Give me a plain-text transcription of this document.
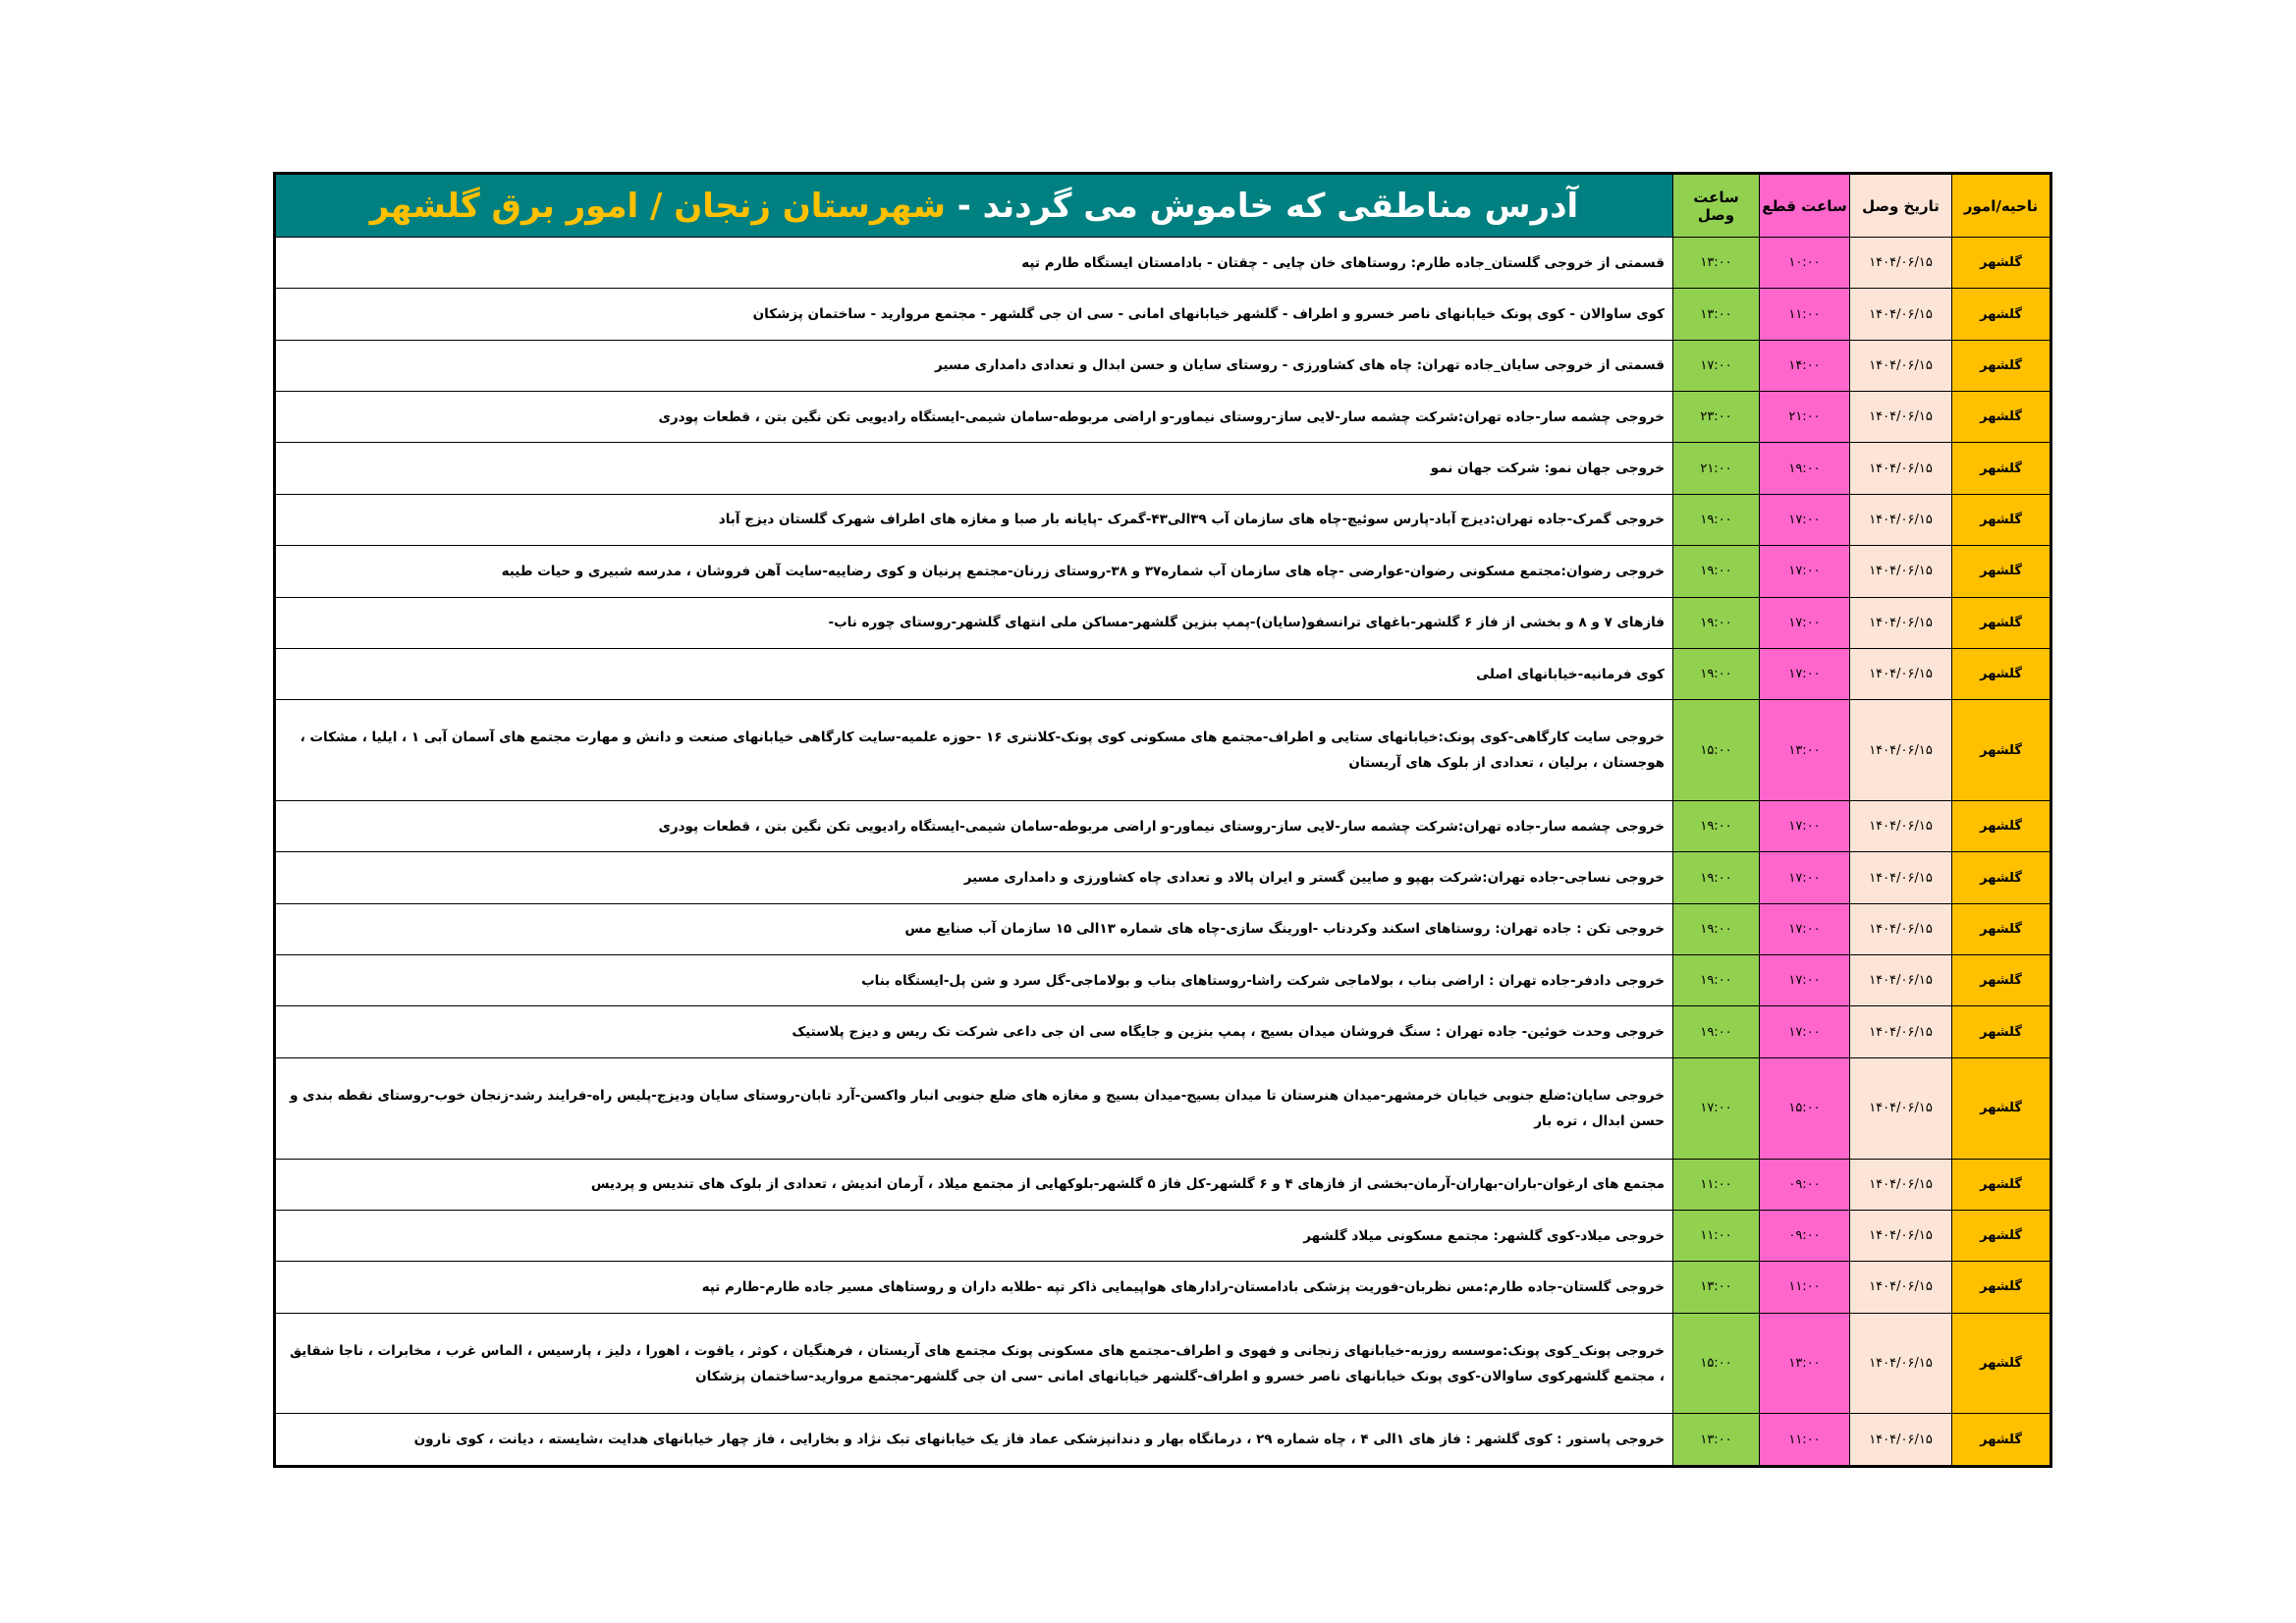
ناحیه/امور	تاریخ وصل	ساعت قطع	ساعت وصل	آدرس مناطقی که خاموش می گردند - شهرستان زنجان / امور برق گلشهر
گلشهر	۱۴۰۴/۰۶/۱۵	۱۰:۰۰	۱۳:۰۰	قسمتی از خروجی گلستان_جاده طارم: روستاهای خان چایی - چقتان - بادامستان ایستگاه طارم تپه
گلشهر	۱۴۰۴/۰۶/۱۵	۱۱:۰۰	۱۳:۰۰	کوی ساوالان - کوی پونک خیابانهای ناصر خسرو و اطراف - گلشهر خیابانهای امانی - سی ان جی گلشهر - مجتمع مروارید - ساختمان پزشکان
گلشهر	۱۴۰۴/۰۶/۱۵	۱۴:۰۰	۱۷:۰۰	قسمتی از خروجی سایان_جاده تهران: چاه های کشاورزی - روستای سایان و حسن ابدال و تعدادی دامداری مسیر
گلشهر	۱۴۰۴/۰۶/۱۵	۲۱:۰۰	۲۳:۰۰	خروجی چشمه سار-جاده تهران:شرکت چشمه سار-لایی ساز-روستای نیماور-و اراضی مربوطه-سامان شیمی-ایستگاه رادیویی تکن نگین بتن ، قطعات پودری
گلشهر	۱۴۰۴/۰۶/۱۵	۱۹:۰۰	۲۱:۰۰	خروجی جهان نمو: شرکت جهان نمو
گلشهر	۱۴۰۴/۰۶/۱۵	۱۷:۰۰	۱۹:۰۰	خروجی گمرک-جاده تهران:دیزج آباد-پارس سوئیچ-چاه های سازمان آب ۳۹الی۴۳-گمرک -پایانه بار صبا و مغازه های اطراف شهرک گلستان دیزج آباد
گلشهر	۱۴۰۴/۰۶/۱۵	۱۷:۰۰	۱۹:۰۰	خروجی رضوان:مجتمع مسکونی رضوان-عوارضی -چاه های سازمان آب شماره۳۷ و ۳۸-روستای زرنان-مجتمع پرنیان و کوی رضاییه-سایت آهن فروشان ، مدرسه شبیری و حیات طیبه
گلشهر	۱۴۰۴/۰۶/۱۵	۱۷:۰۰	۱۹:۰۰	فازهای ۷ و ۸ و بخشی از فاز ۶ گلشهر-باغهای ترانسفو(سایان)-پمپ بنزین گلشهر-مساکن ملی انتهای گلشهر-روستای چوره ناب-
گلشهر	۱۴۰۴/۰۶/۱۵	۱۷:۰۰	۱۹:۰۰	کوی فرمانیه-خیابانهای اصلی
گلشهر	۱۴۰۴/۰۶/۱۵	۱۳:۰۰	۱۵:۰۰	خروجی سایت کارگاهی-کوی پونک:خیابانهای ستایی و اطراف-مجتمع های مسکونی کوی پونک-کلانتری ۱۶ -حوزه علمیه-سایت کارگاهی خیابانهای صنعت و دانش و مهارت مجتمع های آسمان آبی ۱ ، ایلیا ، مشکات ، هوجستان ، برلیان ، تعدادی از بلوک های آریستان
گلشهر	۱۴۰۴/۰۶/۱۵	۱۷:۰۰	۱۹:۰۰	خروجی چشمه سار-جاده تهران:شرکت چشمه سار-لایی ساز-روستای نیماور-و اراضی مربوطه-سامان شیمی-ایستگاه رادیویی تکن نگین بتن ، قطعات پودری
گلشهر	۱۴۰۴/۰۶/۱۵	۱۷:۰۰	۱۹:۰۰	خروجی نساجی-جاده تهران:شرکت بهپو و صایین گستر و ایران پالاد و تعدادی چاه کشاورزی و دامداری مسیر
گلشهر	۱۴۰۴/۰۶/۱۵	۱۷:۰۰	۱۹:۰۰	خروجی تکن : جاده تهران: روستاهای اسکند وکردناب -اورینگ سازی-چاه های شماره ۱۳الی ۱۵ سازمان آب صنایع مس
گلشهر	۱۴۰۴/۰۶/۱۵	۱۷:۰۰	۱۹:۰۰	خروجی دادفر-جاده تهران : اراضی بناب ، بولاماجی شرکت راشا-روستاهای بناب و بولاماجی-گل سرد و شن پل-ایستگاه بناب
گلشهر	۱۴۰۴/۰۶/۱۵	۱۷:۰۰	۱۹:۰۰	خروجی وحدت خوئین- جاده تهران : سنگ فروشان میدان بسیج ، پمپ بنزین و جایگاه سی ان جی داعی شرکت تک ریس و دیزج پلاستیک
گلشهر	۱۴۰۴/۰۶/۱۵	۱۵:۰۰	۱۷:۰۰	خروجی سایان:ضلع جنوبی خیابان خرمشهر-میدان هنرستان تا میدان بسیج-میدان بسیج و مغازه های ضلع جنوبی انبار واکسن-آرد تابان-روستای سایان ودیزج-پلیس راه-فرایند رشد-زنجان خوب-روستای نقطه بندی و حسن ابدال ، تره بار
گلشهر	۱۴۰۴/۰۶/۱۵	۰۹:۰۰	۱۱:۰۰	مجتمع های ارغوان-باران-بهاران-آرمان-بخشی از فازهای ۴ و ۶ گلشهر-کل فاز ۵ گلشهر-بلوکهایی از مجتمع میلاد ، آرمان اندیش ، تعدادی از بلوک های تندیس و پردیس
گلشهر	۱۴۰۴/۰۶/۱۵	۰۹:۰۰	۱۱:۰۰	خروجی میلاد-کوی گلشهر: مجتمع مسکونی میلاد گلشهر
گلشهر	۱۴۰۴/۰۶/۱۵	۱۱:۰۰	۱۳:۰۰	خروجی گلستان-جاده طارم:مس نظربان-فوریت پزشکی بادامستان-رادارهای هواپیمایی ذاکر تپه -طلابه داران و روستاهای مسیر جاده طارم-طارم تپه
گلشهر	۱۴۰۴/۰۶/۱۵	۱۳:۰۰	۱۵:۰۰	خروجی پونک_کوی پونک:موسسه روزبه-خیابانهای زنجانی و فهوی و اطراف-مجتمع های مسکونی پونک مجتمع های آریستان ، فرهنگیان ، کوثر ، یاقوت ، اهورا ، دلیز ، پارسیس ، الماس غرب ، مخابرات ، ناجا شقایق ، مجتمع گلشهرکوی ساوالان-کوی پونک خیابانهای ناصر خسرو و اطراف-گلشهر خیابانهای امانی -سی ان جی گلشهر-مجتمع مروارید-ساختمان پزشکان
گلشهر	۱۴۰۴/۰۶/۱۵	۱۱:۰۰	۱۳:۰۰	خروجی پاستور : کوی گلشهر : فاز های ۱الی ۴ ، چاه شماره ۲۹ ، درمانگاه بهار و دندانپزشکی عماد فاز یک خیابانهای تبک نژاد و بخارایی ، فاز چهار خیابانهای هدایت ،شایسته ، دیانت ، کوی نارون
